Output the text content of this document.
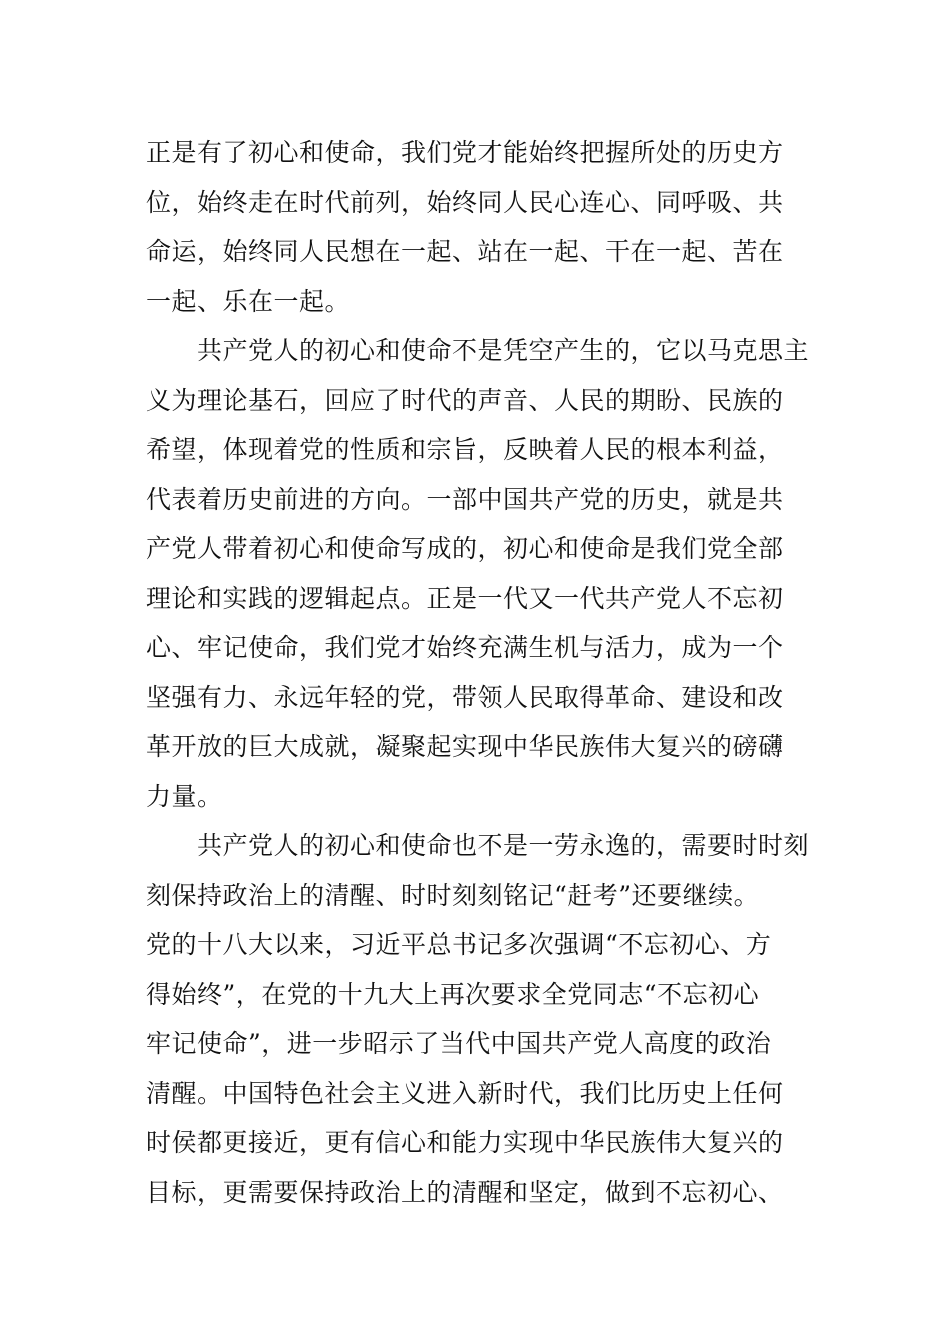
正是有了初心和使命，我们党才能始终把握所处的历史方
位，始终走在时代前列，始终同人民心连心、同呼吸、共
命运，始终同人民想在一起、站在一起、干在一起、苦在
一起、乐在一起。
　　共产党人的初心和使命不是凭空产生的，它以马克思主
义为理论基石，回应了时代的声音、人民的期盼、民族的
希望，体现着党的性质和宗旨，反映着人民的根本利益，
代表着历史前进的方向。一部中国共产党的历史，就是共
产党人带着初心和使命写成的，初心和使命是我们党全部
理论和实践的逻辑起点。正是一代又一代共产党人不忘初
心、牢记使命，我们党才始终充满生机与活力，成为一个
坚强有力、永远年轻的党，带领人民取得革命、建设和改
革开放的巨大成就，凝聚起实现中华民族伟大复兴的磅礴
力量。
　　共产党人的初心和使命也不是一劳永逸的，需要时时刻
刻保持政治上的清醒、时时刻刻铭记“赶考”还要继续。
党的十八大以来，习近平总书记多次强调“不忘初心、方
得始终”，在党的十九大上再次要求全党同志“不忘初心
牢记使命”，进一步昭示了当代中国共产党人高度的政治
清醒。中国特色社会主义进入新时代，我们比历史上任何
时侯都更接近，更有信心和能力实现中华民族伟大复兴的
目标，更需要保持政治上的清醒和坚定，做到不忘初心、
